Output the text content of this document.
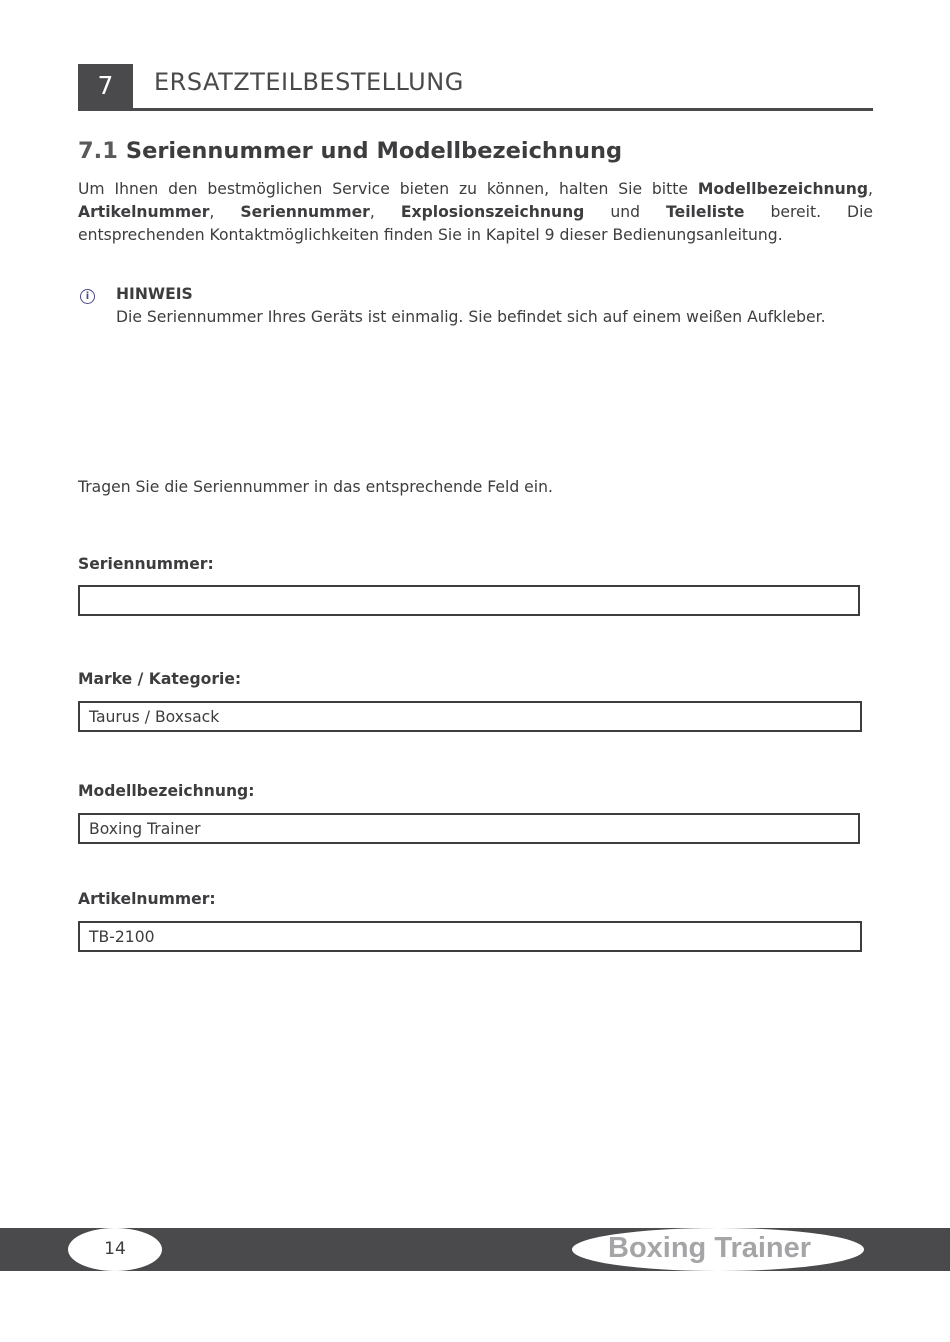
7	ERSATZTEILBESTELLUNG
7.1 Seriennummer und Modellbezeichnung
Um Ihnen den bestmöglichen Service bieten zu können, halten Sie bitte Modellbezeichnung, Artikelnummer, Seriennummer, Explosionszeichnung und Teileliste bereit. Die entsprechenden Kontaktmöglichkeiten finden Sie in Kapitel 9 dieser Bedienungsanleitung.
i	HINWEIS
Die Seriennummer Ihres Geräts ist einmalig. Sie befindet sich auf einem weißen Aufkleber.
Tragen Sie die Seriennummer in das entsprechende Feld ein.
Seriennummer:
Marke / Kategorie:
Taurus / Boxsack
Modellbezeichnung:
Boxing Trainer
Artikelnummer:
TB-2100
14	Boxing Trainer
